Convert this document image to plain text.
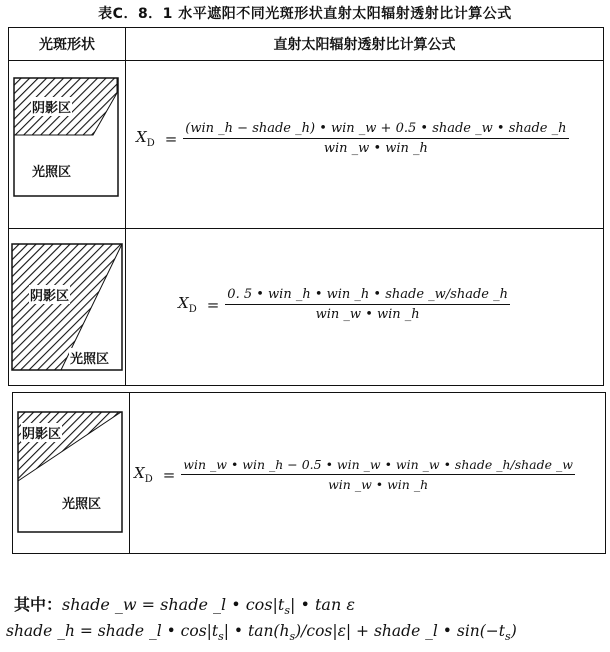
表C．8．1 水平遮阳不同光斑形状直射太阳辐射透射比计算公式
光斑形状	直射太阳辐射透射比计算公式
阴影区
光照区
$X_D = \frac{\text{(win \_h − shade \_h) • win \_w + 0.5 • shade \_w • shade \_h}}{\text{win \_w • win \_h}}$
阴影区
光照区
$X_D = \frac{\text{0. 5 • win \_h • win \_h • shade \_w/shade \_h}}{\text{win \_w • win \_h}}$
阴影区
光照区
$X_D = \frac{\text{win \_w • win \_h − 0.5 • win \_w • win \_w • shade \_h/shade \_w}}{\text{win \_w • win \_h}}$
其中：shade _w = shade _l • $\cos|t_s|$ • tan ε
shade _h = shade _l • $\cos|t_s|$ • $\tan(h_s)/\cos|\varepsilon|$ + shade _l • $\sin(-t_s)$
